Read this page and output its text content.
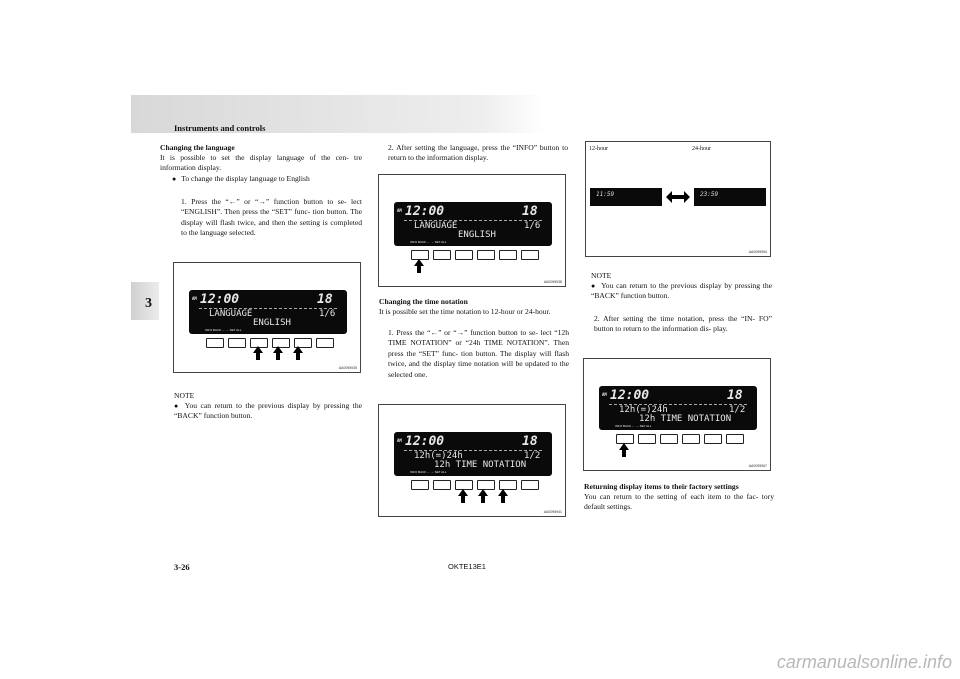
Instruments and controls
3
Changing the language
It is possible to set the display language of the cen- tre information display.
● To change the display language to English
1. Press the “←” or “→” function button to se- lect “ENGLISH”. Then press the “SET” func- tion button. The display will flash twice, and then the setting is completed to the language selected.
AM 12:00	18
LANGUAGE	1/6
ENGLISH
INFO BACK ← → SET ALL
AA0095935
NOTE
● You can return to the previous display by pressing the “BACK” function button.
2. After setting the language, press the “INFO” button to return to the information display.
AM 12:00	18
LANGUAGE	1/6
ENGLISH
INFO BACK ← → SET ALL
AA0095938
Changing the time notation
It is possible set the time notation to 12-hour or 24-hour.
1. Press the “←” or “→” function button to se- lect “12h TIME NOTATION” or “24h TIME NOTATION”. Then press the “SET” func- tion button. The display will flash twice, and the display time notation will be updated to the selected one.
AM 12:00	18
12h(=)24h	1/2
12h TIME NOTATION
INFO BACK ← → SET ALL
AA0095941
12-hour	24-hour
11:59	23:59
AA0095954
NOTE
● You can return to the previous display by pressing the “BACK” function button.
2. After setting the time notation, press the “IN- FO” button to return to the information dis- play.
AM 12:00	18
12h(=)24h	1/2
12h TIME NOTATION
INFO BACK ← → SET ALL
AA0095967
Returning display items to their factory settings
You can return to the setting of each item to the fac- tory default settings.
3-26	OKTE13E1
carmanualsonline.info
